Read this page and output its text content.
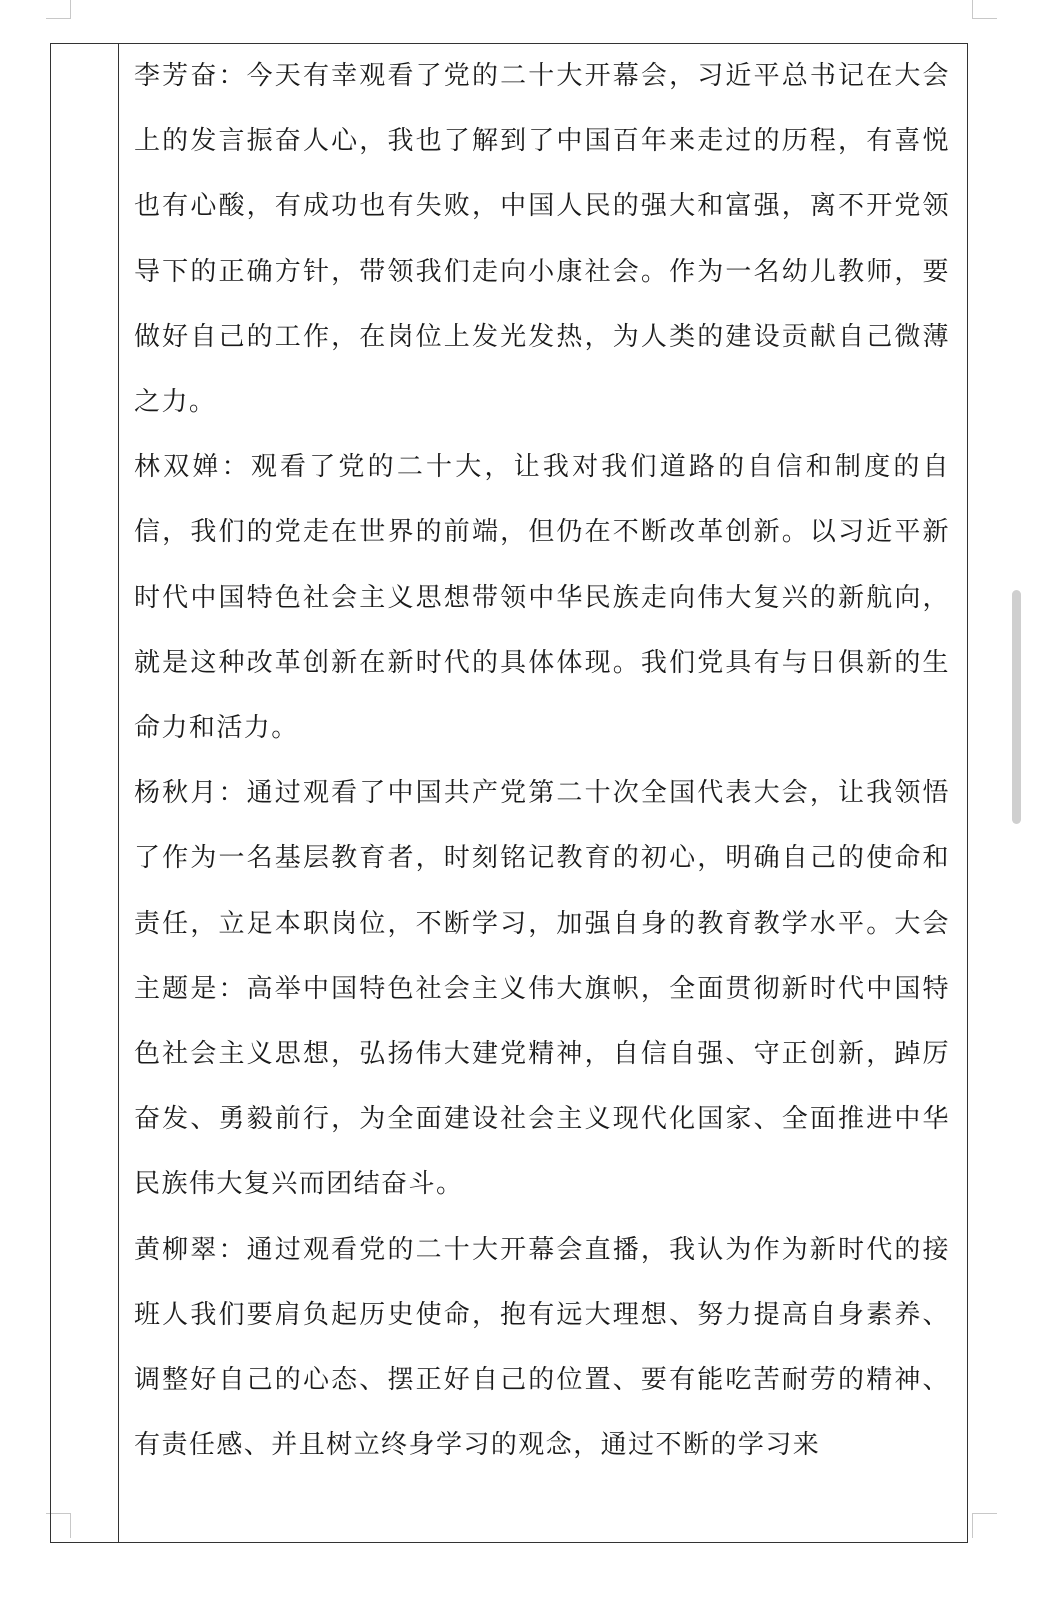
李芳奋：今天有幸观看了党的二十大开幕会，习近平总书记在大会上的发言振奋人心，我也了解到了中国百年来走过的历程，有喜悦也有心酸，有成功也有失败，中国人民的强大和富强，离不开党领导下的正确方针，带领我们走向小康社会。作为一名幼儿教师，要做好自己的工作，在岗位上发光发热，为人类的建设贡献自己微薄之力。

林双婵：观看了党的二十大，让我对我们道路的自信和制度的自信，我们的党走在世界的前端，但仍在不断改革创新。以习近平新时代中国特色社会主义思想带领中华民族走向伟大复兴的新航向，就是这种改革创新在新时代的具体体现。我们党具有与日俱新的生命力和活力。

杨秋月：通过观看了中国共产党第二十次全国代表大会，让我领悟了作为一名基层教育者，时刻铭记教育的初心，明确自己的使命和责任，立足本职岗位，不断学习，加强自身的教育教学水平。大会主题是：高举中国特色社会主义伟大旗帜，全面贯彻新时代中国特色社会主义思想，弘扬伟大建党精神，自信自强、守正创新，踔厉奋发、勇毅前行，为全面建设社会主义现代化国家、全面推进中华民族伟大复兴而团结奋斗。

黄柳翠：通过观看党的二十大开幕会直播，我认为作为新时代的接班人我们要肩负起历史使命，抱有远大理想、努力提高自身素养、调整好自己的心态、摆正好自己的位置、要有能吃苦耐劳的精神、有责任感、并且树立终身学习的观念，通过不断的学习来
